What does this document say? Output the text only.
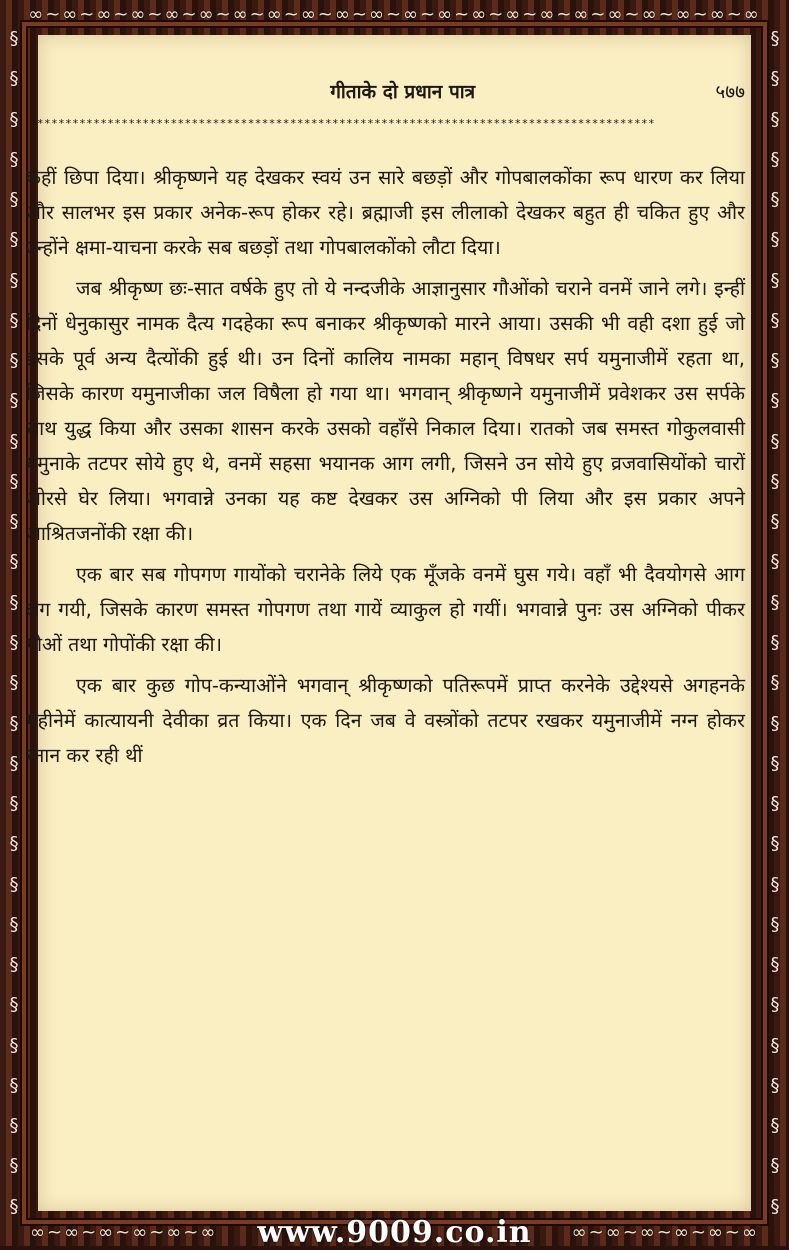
∞~∞~∞~∞~∞~∞~∞~∞~∞~∞~∞~∞~∞~∞~∞~∞~∞~∞~∞~∞~∞~∞
§
§
§
§
§
§
§
§
§
§
§
§
§
§
§
§
§
§
§
§
§
§
§
§
§
§
§
§
§
§
§
§
§
§
§
§
§
§
§
§
§
§
§
§
§
§
§
§
§
§
§
§
§
§
§
§
§
§
§
§
∞~∞~∞~∞~∞~∞	www.9009.co.in	∞~∞~∞~∞~∞~∞
गीताके दो प्रधान पात्र	५७७
*****************************************************************************************

कहीं छिपा दिया। श्रीकृष्णने यह देखकर स्वयं उन सारे बछड़ों और गोपबालकोंका रूप धारण कर लिया और सालभर इस प्रकार अनेक-रूप होकर रहे। ब्रह्माजी इस लीलाको देखकर बहुत ही चकित हुए और उन्होंने क्षमा-याचना करके सब बछड़ों तथा गोपबालकोंको लौटा दिया।

जब श्रीकृष्ण छः-सात वर्षके हुए तो ये नन्दजीके आज्ञानुसार गौओंको चराने वनमें जाने लगे। इन्हीं दिनों धेनुकासुर नामक दैत्य गदहेका रूप बनाकर श्रीकृष्णको मारने आया। उसकी भी वही दशा हुई जो इसके पूर्व अन्य दैत्योंकी हुई थी। उन दिनों कालिय नामका महान् विषधर सर्प यमुनाजीमें रहता था, जिसके कारण यमुनाजीका जल विषैला हो गया था। भगवान् श्रीकृष्णने यमुनाजीमें प्रवेशकर उस सर्पके साथ युद्ध किया और उसका शासन करके उसको वहाँसे निकाल दिया। रातको जब समस्त गोकुलवासी यमुनाके तटपर सोये हुए थे, वनमें सहसा भयानक आग लगी, जिसने उन सोये हुए व्रजवासियोंको चारों ओरसे घेर लिया। भगवान्ने उनका यह कष्ट देखकर उस अग्निको पी लिया और इस प्रकार अपने आश्रितजनोंकी रक्षा की।

एक बार सब गोपगण गायोंको चरानेके लिये एक मूँजके वनमें घुस गये। वहाँ भी दैवयोगसे आग लग गयी, जिसके कारण समस्त गोपगण तथा गायें व्याकुल हो गयीं। भगवान्ने पुनः उस अग्निको पीकर गौओं तथा गोपोंकी रक्षा की।

एक बार कुछ गोप-कन्याओंने भगवान् श्रीकृष्णको पतिरूपमें प्राप्त करनेके उद्देश्यसे अगहनके महीनेमें कात्यायनी देवीका व्रत किया। एक दिन जब वे वस्त्रोंको तटपर रखकर यमुनाजीमें नग्न होकर स्नान कर रही थीं
